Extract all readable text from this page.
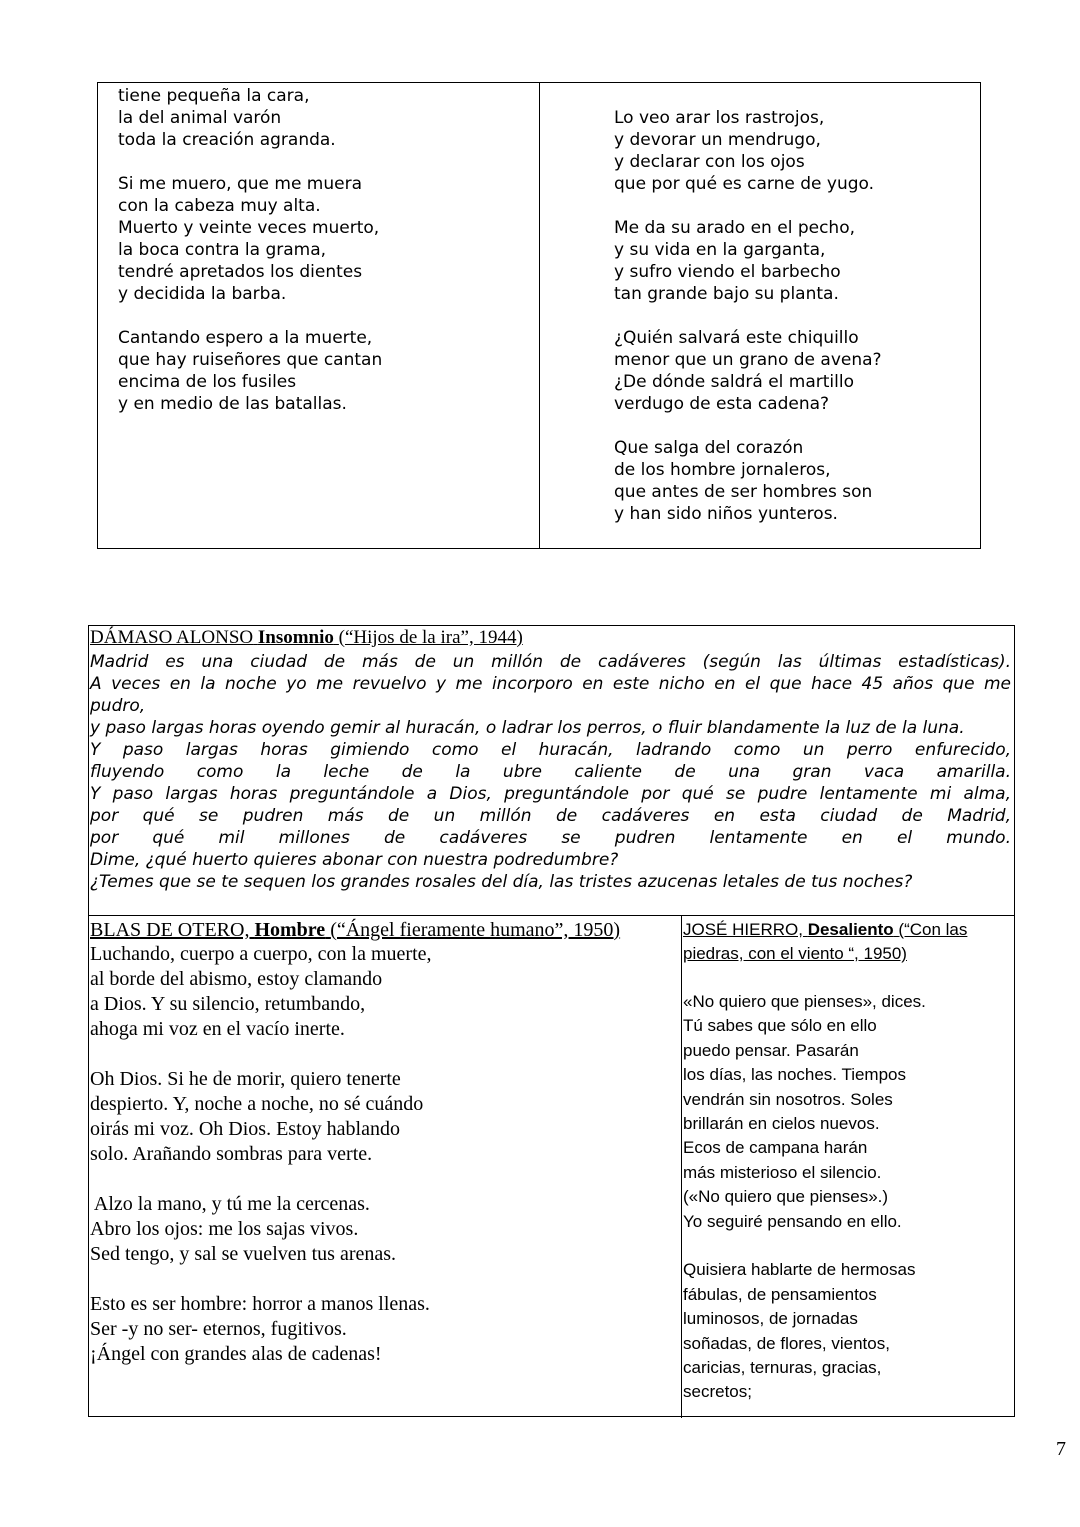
tiene pequeña la cara,
la del animal varón
toda la creación agranda.
Si me muero, que me muera
con la cabeza muy alta.
Muerto y veinte veces muerto,
la boca contra la grama,
tendré apretados los dientes
y decidida la barba.
Cantando espero a la muerte,
que hay ruiseñores que cantan
encima de los fusiles
y en medio de las batallas.
Lo veo arar los rastrojos,
y devorar un mendrugo,
y declarar con los ojos
que por qué es carne de yugo.
Me da su arado en el pecho,
y su vida en la garganta,
y sufro viendo el barbecho
tan grande bajo su planta.
¿Quién salvará este chiquillo
menor que un grano de avena?
¿De dónde saldrá el martillo
verdugo de esta cadena?
Que salga del corazón
de los hombre jornaleros,
que antes de ser hombres son
y han sido niños yunteros.
DÁMASO ALONSO Insomnio (“Hijos de la ira”, 1944)
Madrid es una ciudad de más de un millón de cadáveres (según las últimas estadísticas).
A veces en la noche yo me revuelvo y me incorporo en este nicho en el que hace 45 años que me
pudro,
y paso largas horas oyendo gemir al huracán, o ladrar los perros, o fluir blandamente la luz de la luna.
Y paso largas horas gimiendo como el huracán, ladrando como un perro enfurecido,
fluyendo como la leche de la ubre caliente de una gran vaca amarilla.
Y paso largas horas preguntándole a Dios, preguntándole por qué se pudre lentamente mi alma,
por qué se pudren más de un millón de cadáveres en esta ciudad de Madrid,
por qué mil millones de cadáveres se pudren lentamente en el mundo.
Dime, ¿qué huerto quieres abonar con nuestra podredumbre?
¿Temes que se te sequen los grandes rosales del día, las tristes azucenas letales de tus noches?
BLAS DE OTERO, Hombre (“Ángel fieramente humano”, 1950)
Luchando, cuerpo a cuerpo, con la muerte,
al borde del abismo, estoy clamando
a Dios. Y su silencio, retumbando,
ahoga mi voz en el vacío inerte.
Oh Dios. Si he de morir, quiero tenerte
despierto. Y, noche a noche, no sé cuándo
oirás mi voz. Oh Dios. Estoy hablando
solo. Arañando sombras para verte.
Alzo la mano, y tú me la cercenas.
Abro los ojos: me los sajas vivos.
Sed tengo, y sal se vuelven tus arenas.
Esto es ser hombre: horror a manos llenas.
Ser -y no ser- eternos, fugitivos.
¡Ángel con grandes alas de cadenas!
JOSÉ HIERRO, Desaliento (“Con las
piedras, con el viento “, 1950)
«No quiero que pienses», dices.
Tú sabes que sólo en ello
puedo pensar. Pasarán
los días, las noches. Tiempos
vendrán sin nosotros. Soles
brillarán en cielos nuevos.
Ecos de campana harán
más misterioso el silencio.
(«No quiero que pienses».)
Yo seguiré pensando en ello.
Quisiera hablarte de hermosas
fábulas, de pensamientos
luminosos, de jornadas
soñadas, de flores, vientos,
caricias, ternuras, gracias,
secretos;
7
